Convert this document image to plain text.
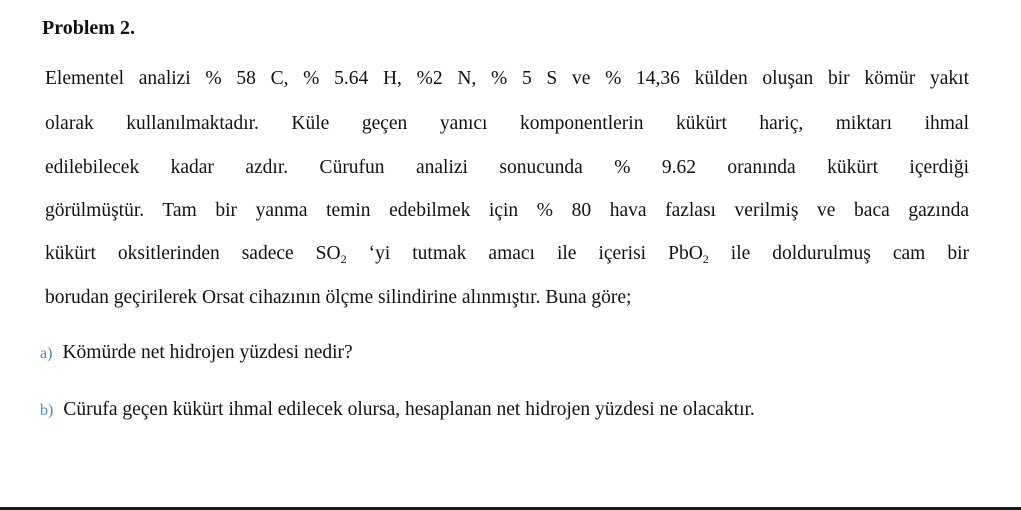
Problem 2.

Elementel analizi % 58 C, % 5.64 H, %2 N, % 5 S ve % 14,36 külden oluşan bir kömür yakıt

olarak kullanılmaktadır. Küle geçen yanıcı komponentlerin kükürt hariç, miktarı ihmal

edilebilecek kadar azdır. Cürufun analizi sonucunda % 9.62 oranında kükürt içerdiği

görülmüştür. Tam bir yanma temin edebilmek için % 80 hava fazlası verilmiş ve baca gazında

kükürt oksitlerinden sadece $SO_2$ ‘yi tutmak amacı ile içerisi PbO$_2$ ile doldurulmuş cam bir

borudan geçirilerek Orsat cihazının ölçme silindirine alınmıştır. Buna göre;

a) Kömürde net hidrojen yüzdesi nedir?
b) Cürufa geçen kükürt ihmal edilecek olursa, hesaplanan net hidrojen yüzdesi ne olacaktır.
